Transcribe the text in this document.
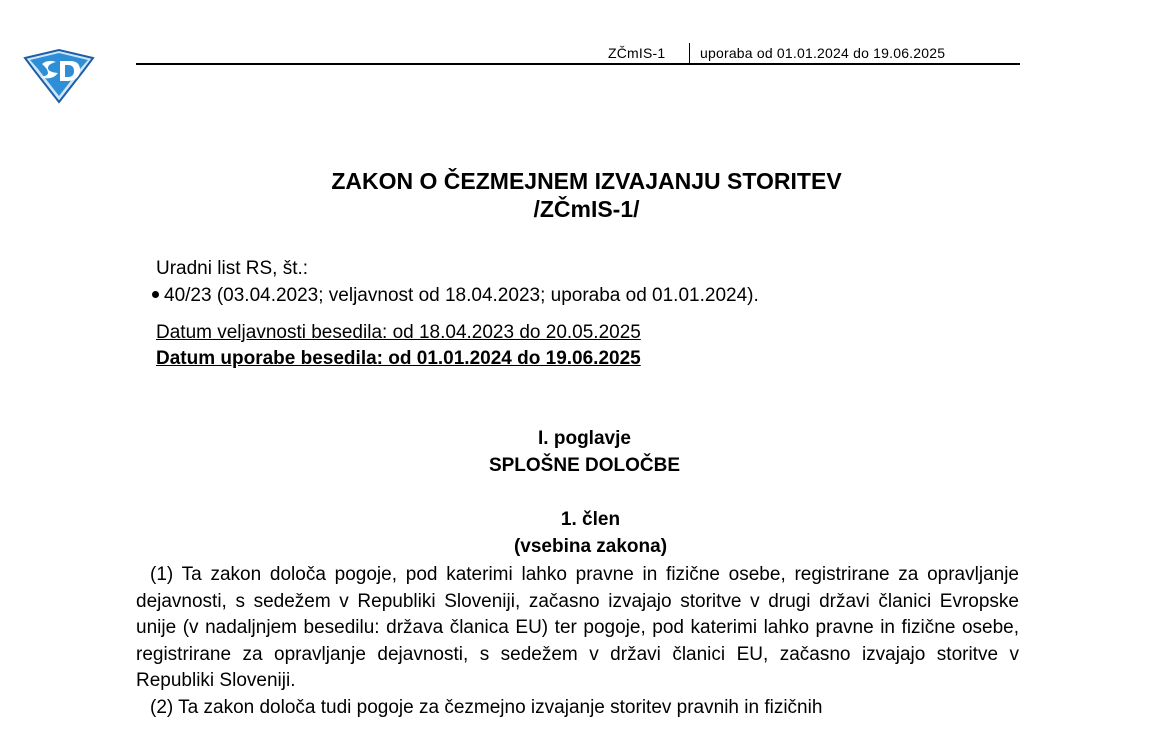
ZČmIS-1 uporaba od 01.01.2024 do 19.06.2025
ZAKON O ČEZMEJNEM IZVAJANJU STORITEV
/ZČmIS-1/
Uradni list RS, št.:
40/23 (03.04.2023; veljavnost od 18.04.2023; uporaba od 01.01.2024).
Datum veljavnosti besedila: od 18.04.2023 do 20.05.2025
Datum uporabe besedila: od 01.01.2024 do 19.06.2025
I. poglavje
SPLOŠNE DOLOČBE
1. člen
(vsebina zakona)

(1) Ta zakon določa pogoje, pod katerimi lahko pravne in fizične osebe, registrirane za opravljanje dejavnosti, s sedežem v Republiki Sloveniji, začasno izvajajo storitve v drugi državi članici Evropske unije (v nadaljnjem besedilu: država članica EU) ter pogoje, pod katerimi lahko pravne in fizične osebe, registrirane za opravljanje dejavnosti, s sedežem v državi članici EU, začasno izvajajo storitve v Republiki Sloveniji.

(2) Ta zakon določa tudi pogoje za čezmejno izvajanje storitev pravnih in fizičnih
